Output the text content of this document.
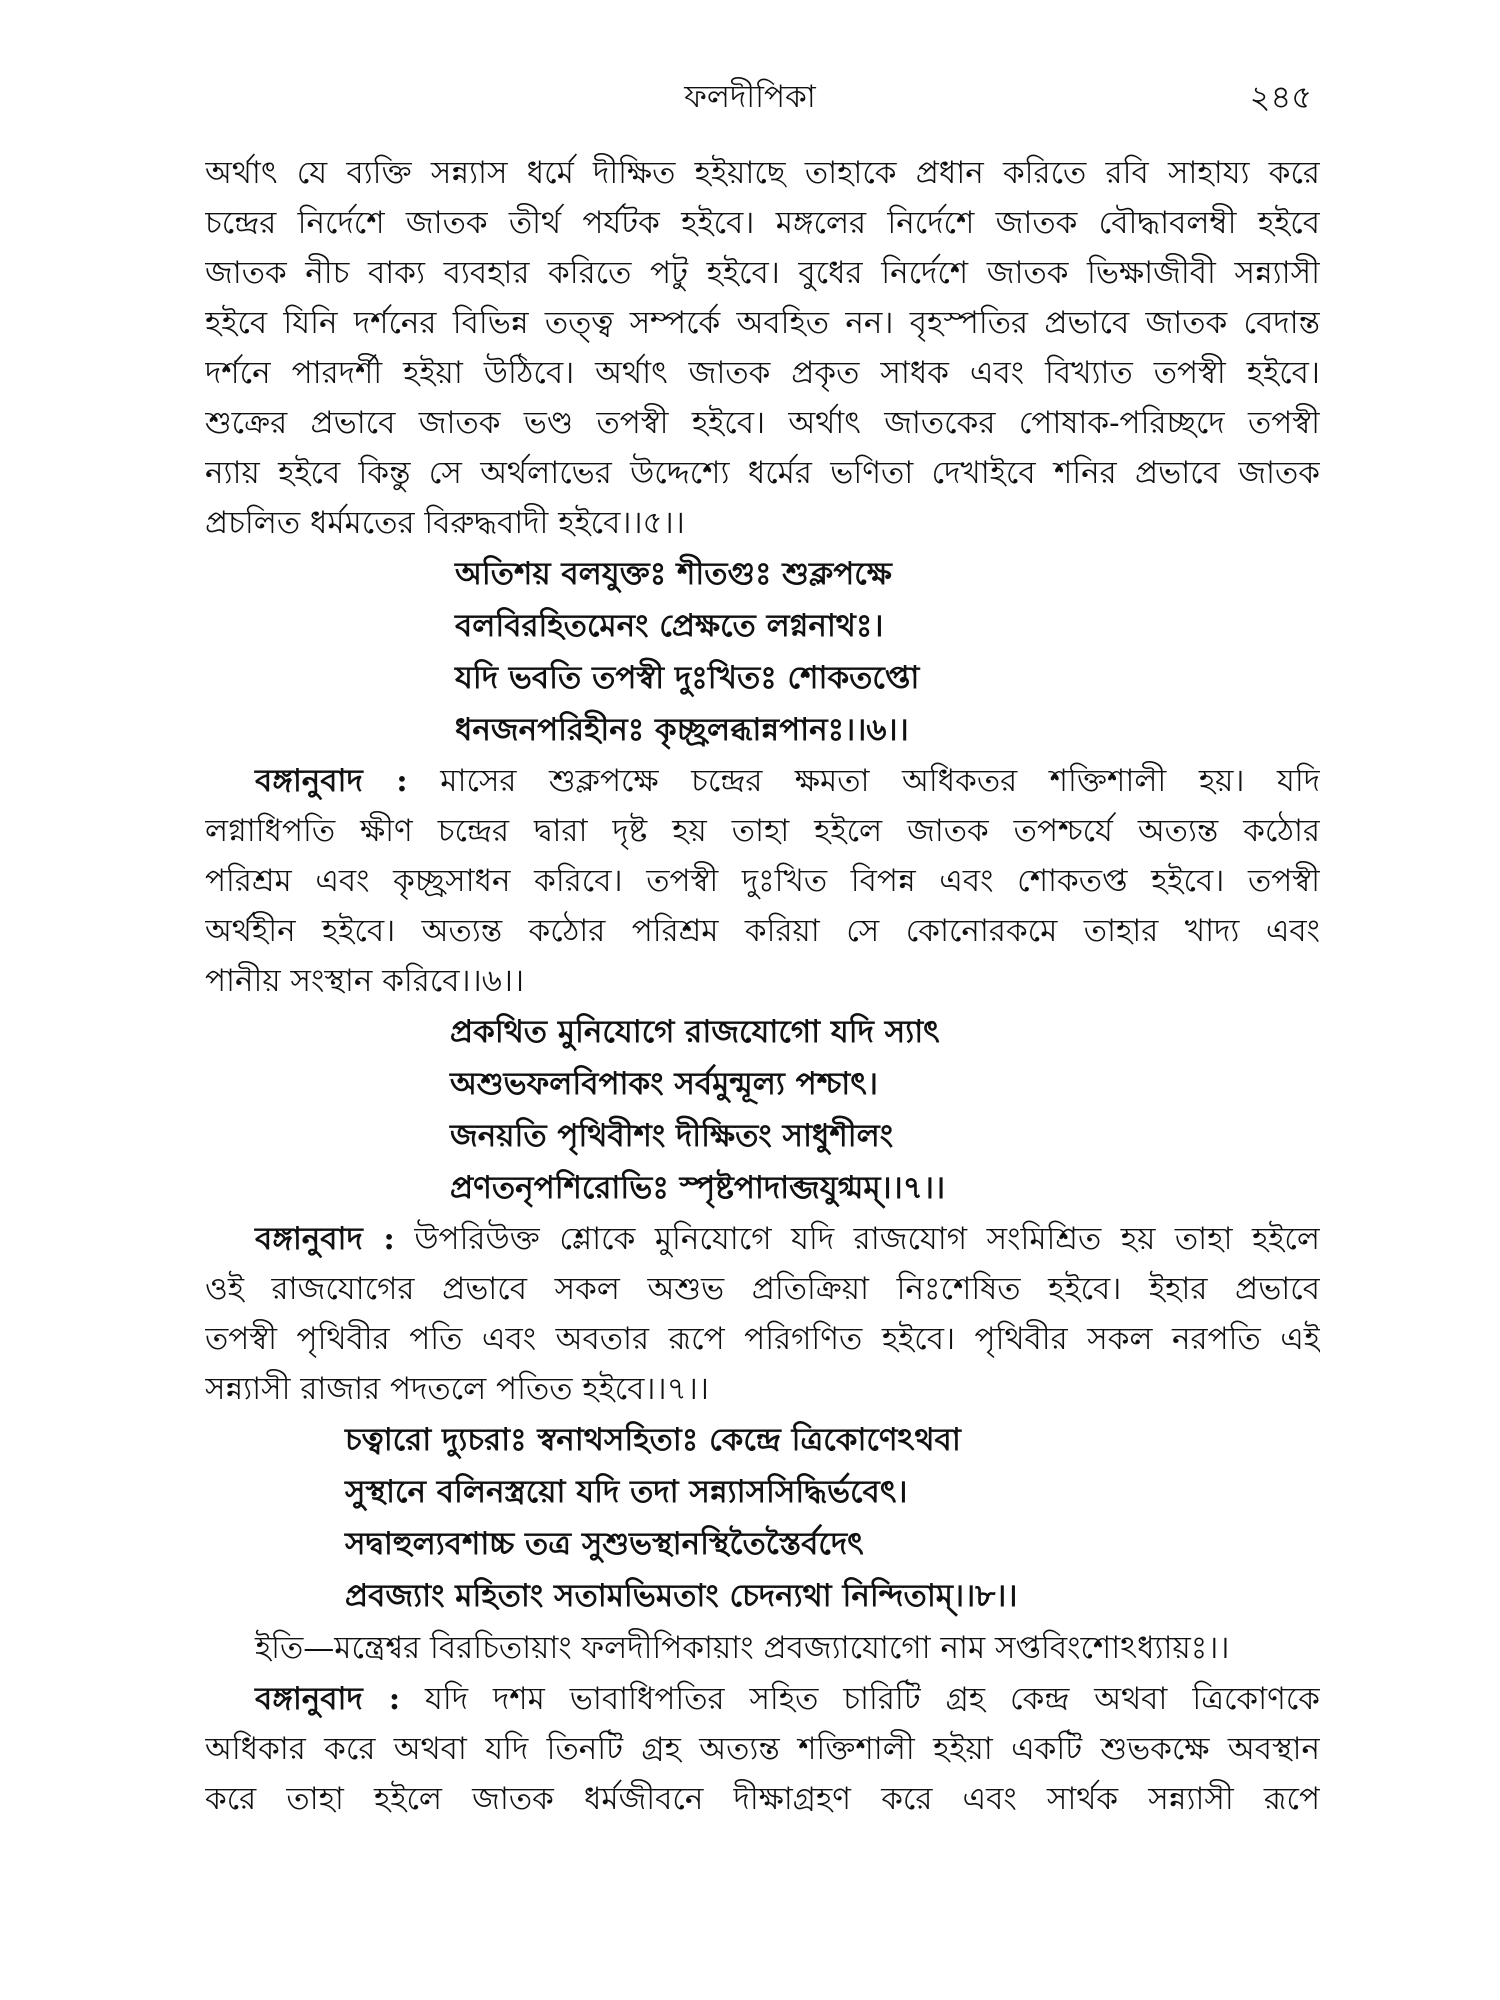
ফলদীপিকা	২৪৫
অর্থাৎ যে ব্যক্তি সন্ন্যাস ধর্মে দীক্ষিত হইয়াছে তাহাকে প্রধান করিতে রবি সাহায্য করে
চন্দ্রের নির্দেশে জাতক তীর্থ পর্যটক হইবে। মঙ্গলের নির্দেশে জাতক বৌদ্ধাবলম্বী হইবে
জাতক নীচ বাক্য ব্যবহার করিতে পটু হইবে। বুধের নির্দেশে জাতক ভিক্ষাজীবী সন্ন্যাসী
হইবে যিনি দর্শনের বিভিন্ন তত্ত্ব সম্পর্কে অবহিত নন। বৃহস্পতির প্রভাবে জাতক বেদান্ত
দর্শনে পারদর্শী হইয়া উঠিবে। অর্থাৎ জাতক প্রকৃত সাধক এবং বিখ্যাত তপস্বী হইবে।
শুক্রের প্রভাবে জাতক ভণ্ড তপস্বী হইবে। অর্থাৎ জাতকের পোষাক-পরিচ্ছদে তপস্বী
ন্যায় হইবে কিন্তু সে অর্থলাভের উদ্দেশ্যে ধর্মের ভণিতা দেখাইবে শনির প্রভাবে জাতক
প্রচলিত ধর্মমতের বিরুদ্ধবাদী হইবে।।৫।।
অতিশয় বলযুক্তঃ শীতগুঃ শুক্লপক্ষে
বলবিরহিতমেনং প্রেক্ষতে লগ্ননাথঃ।
যদি ভবতি তপস্বী দুঃখিতঃ শোকতপ্তো
ধনজনপরিহীনঃ কৃচ্ছ্রলব্ধান্নপানঃ।।৬।।
বঙ্গানুবাদ : মাসের শুক্লপক্ষে চন্দ্রের ক্ষমতা অধিকতর শক্তিশালী হয়। যদি
লগ্নাধিপতি ক্ষীণ চন্দ্রের দ্বারা দৃষ্ট হয় তাহা হইলে জাতক তপশ্চর্যে অত্যন্ত কঠোর
পরিশ্রম এবং কৃচ্ছ্রসাধন করিবে। তপস্বী দুঃখিত বিপন্ন এবং শোকতপ্ত হইবে। তপস্বী
অর্থহীন হইবে। অত্যন্ত কঠোর পরিশ্রম করিয়া সে কোনোরকমে তাহার খাদ্য এবং
পানীয় সংস্থান করিবে।।৬।।
প্রকথিত মুনিযোগে রাজযোগো যদি স্যাৎ
অশুভফলবিপাকং সর্বমুন্মূল্য পশ্চাৎ।
জনয়তি পৃথিবীশং দীক্ষিতং সাধুশীলং
প্রণতনৃপশিরোভিঃ স্পৃষ্টপাদাব্জযুগ্মম্।।৭।।
বঙ্গানুবাদ : উপরিউক্ত শ্লোকে মুনিযোগে যদি রাজযোগ সংমিশ্রিত হয় তাহা হইলে
ওই রাজযোগের প্রভাবে সকল অশুভ প্রতিক্রিয়া নিঃশেষিত হইবে। ইহার প্রভাবে
তপস্বী পৃথিবীর পতি এবং অবতার রূপে পরিগণিত হইবে। পৃথিবীর সকল নরপতি এই
সন্ন্যাসী রাজার পদতলে পতিত হইবে।।৭।।
চত্বারো দ্যুচরাঃ স্বনাথসহিতাঃ কেন্দ্রে ত্রিকোণেঽথবা
সুস্থানে বলিনস্ত্রয়ো যদি তদা সন্ন্যাসসিদ্ধির্ভবেৎ।
সদ্বাহুল্যবশাচ্চ তত্র সুশুভস্থানস্থিতৈস্তৈর্বদেৎ
প্রবজ্যাং মহিতাং সতামভিমতাং চেদন্যথা নিন্দিতাম্।।৮।।
ইতি—মন্ত্রেশ্বর বিরচিতায়াং ফলদীপিকায়াং প্রবজ্যাযোগো নাম সপ্তবিংশোঽধ্যায়ঃ।।
বঙ্গানুবাদ : যদি দশম ভাবাধিপতির সহিত চারিটি গ্রহ কেন্দ্র অথবা ত্রিকোণকে
অধিকার করে অথবা যদি তিনটি গ্রহ অত্যন্ত শক্তিশালী হইয়া একটি শুভকক্ষে অবস্থান
করে তাহা হইলে জাতক ধর্মজীবনে দীক্ষাগ্রহণ করে এবং সার্থক সন্ন্যাসী রূপে
